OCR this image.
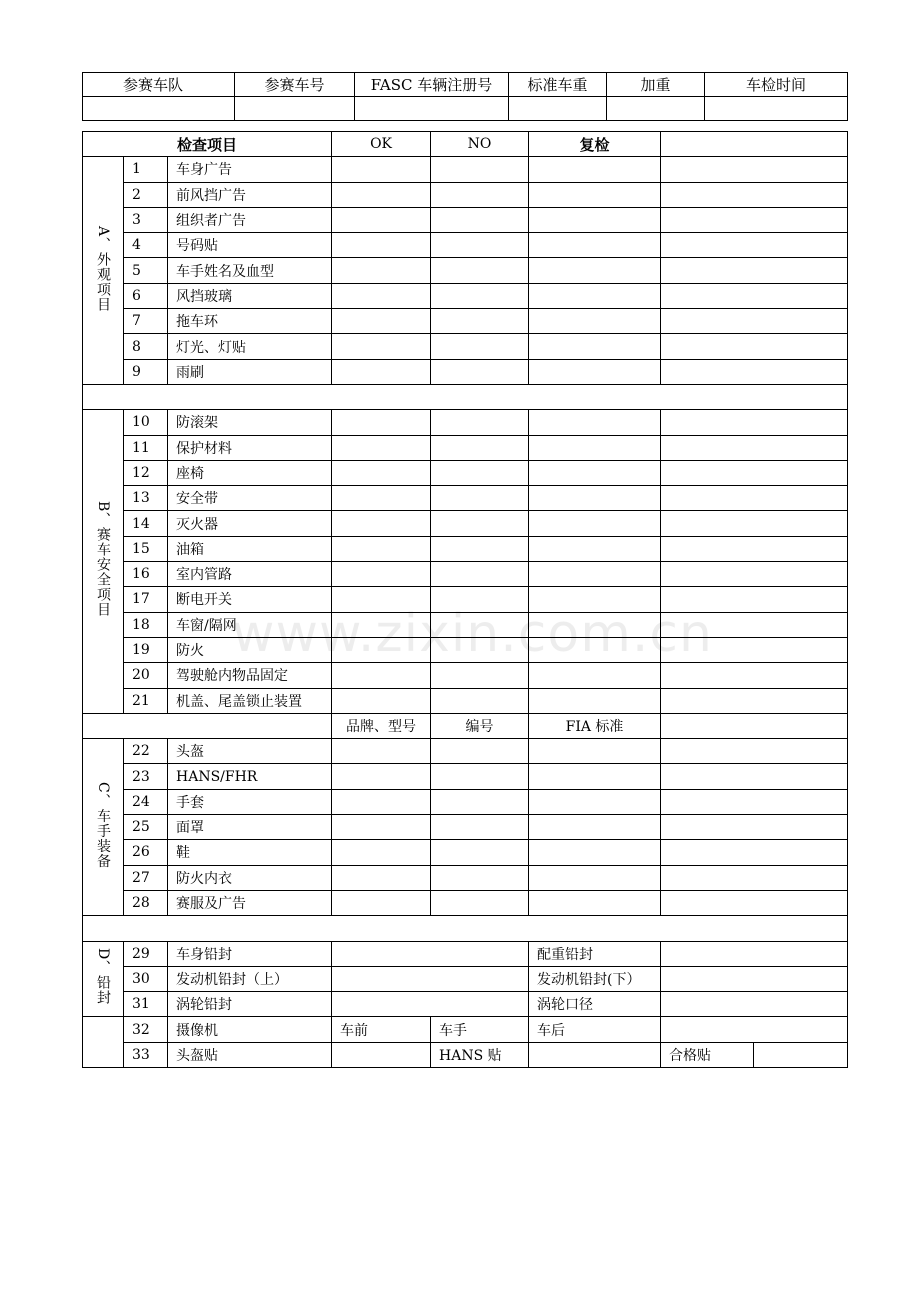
参赛车队	参赛车号	FASC 车辆注册号	标准车重	加重	车检时间

检查项目			OK	NO	复检		
A、外观项目	1	车身广告					
	2	前风挡广告					
	3	组织者广告					
	4	号码贴					
	5	车手姓名及血型					
	6	风挡玻璃					
	7	拖车环					
	8	灯光、灯贴					
	9	雨刷					

B、赛车安全项目	10	防滚架					
	11	保护材料					
	12	座椅					
	13	安全带					
	14	灭火器					
	15	油箱					
	16	室内管路					
	17	断电开关					
	18	车窗/隔网					
	19	防火					
	20	驾驶舱内物品固定					
	21	机盖、尾盖锁止装置					
			品牌、型号	编号	FIA 标准		
C、车手装备	22	头盔					
	23	HANS/FHR					
	24	手套					
	25	面罩					
	26	鞋					
	27	防火内衣					
	28	赛服及广告					

D、铅封	29	车身铅封			配重铅封		
	30	发动机铅封（上）			发动机铅封(下）		
	31	涡轮铅封			涡轮口径		
	32	摄像机	车前	车手	车后		
	33	头盔贴		HANS 贴		合格贴	
www.zixin.com.cn
